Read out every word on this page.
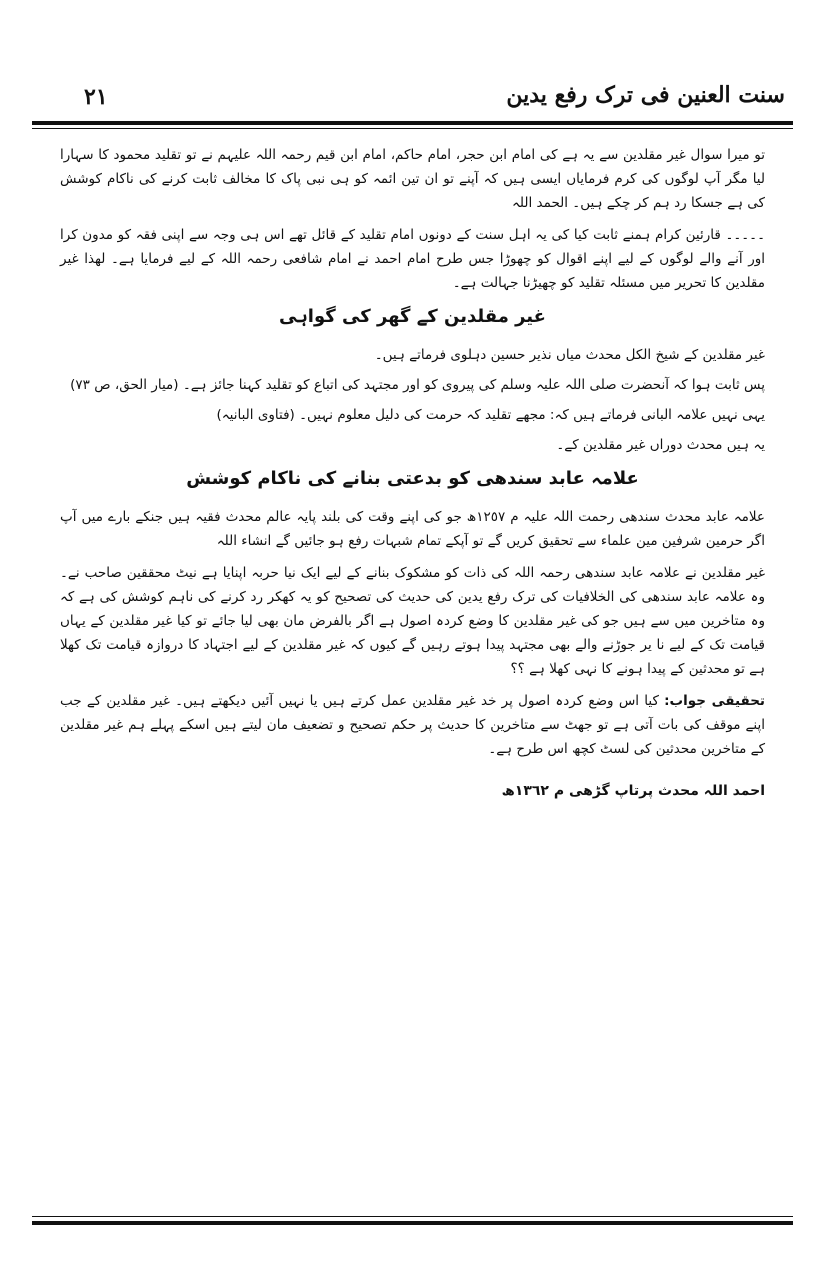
سنت العنین فی ترک رفع یدین
٢١

تو میرا سوال غیر مقلدین سے یہ ہے کی امام ابن حجر، امام حاکم، امام ابن قیم رحمہ اللہ علیہم نے تو تقلید محمود کا سہارا لیا مگر آپ لوگوں کی کرم فرمایاں ایسی ہیں کہ آپنے تو ان تین ائمہ کو ہی نبی پاک کا مخالف ثابت کرنے کی ناکام کوشش کی ہے جسکا رد ہم کر چکے ہیں۔ الحمد اللہ

۔۔۔۔۔ قارئین کرام ہمنے ثابت کیا کی یہ اہل سنت کے دونوں امام تقلید کے قائل تھے اس ہی وجہ سے اپنی فقہ کو مدون کرا اور آنے والے لوگوں کے لیے اپنے اقوال کو چھوڑا جس طرح امام احمد نے امام شافعی رحمہ اللہ کے لیے فرمایا ہے۔ لھذا غیر مقلدین کا تحریر میں مسئلہ تقلید کو چھیڑنا جہالت ہے۔

غیر مقلدین کے گھر کی گواہی

غیر مقلدین کے شیخ الکل محدث میاں نذیر حسین دہلوی فرماتے ہیں۔

پس ثابت ہوا کہ آنحضرت صلی اللہ علیہ وسلم کی پیروی کو اور مجتہد کی اتباع کو تقلید کہنا جائز ہے۔ (میار الحق، ص ٧٣)

یہی نہیں علامہ البانی فرماتے ہیں کہ: مجھے تقلید کہ حرمت کی دلیل معلوم نہیں۔ (فتاوی البانیہ)

یہ ہیں محدث دوراں غیر مقلدین کے۔

علامہ عابد سندھی کو بدعتی بنانے کی ناکام کوشش

علامہ عابد محدث سندھی رحمت اللہ علیہ م ١٢٥٧ھ جو کی اپنے وقت کی بلند پایہ عالم محدث فقیہ ہیں جنکے بارے میں آپ اگر حرمین شرفین مین علماء سے تحقیق کریں گے تو آپکے تمام شبہات رفع ہو جائیں گے انشاء اللہ

غیر مقلدین نے علامہ عابد سندھی رحمہ اللہ کی ذات کو مشکوک بنانے کے لیے ایک نیا حربہ اپنایا ہے نیٹ محققین صاحب نے۔ وہ علامہ عابد سندھی کی الخلافیات کی ترک رفع یدین کی حدیث کی تصحیح کو یہ کھکر رد کرنے کی ناہم کوشش کی ہے کہ وہ متاخرین میں سے ہیں جو کی غیر مقلدین کا وضع کردہ اصول ہے اگر بالفرض مان بھی لیا جائے تو کیا غیر مقلدین کے یہاں قیامت تک کے لیے نا یر جوڑنے والے بھی مجتہد پیدا ہوتے رہیں گے کیوں کہ غیر مقلدین کے لیے اجتہاد کا دروازہ قیامت تک کھلا ہے تو محدثین کے پیدا ہونے کا نہی کھلا ہے ؟؟

تحقیقی جواب: کیا اس وضع کردہ اصول پر خد غیر مقلدین عمل کرتے ہیں یا نہیں آئیں دیکھتے ہیں۔ غیر مقلدین کے جب اپنے موقف کی بات آتی ہے تو جھٹ سے متاخرین کا حدیث پر حکم تصحیح و تضعیف مان لیتے ہیں اسکے پہلے ہم غیر مقلدین کے متاخرین محدثین کی لسٹ کچھ اس طرح ہے۔

احمد اللہ محدث پرتاپ گڑھی م ١٣٦٢ھ
